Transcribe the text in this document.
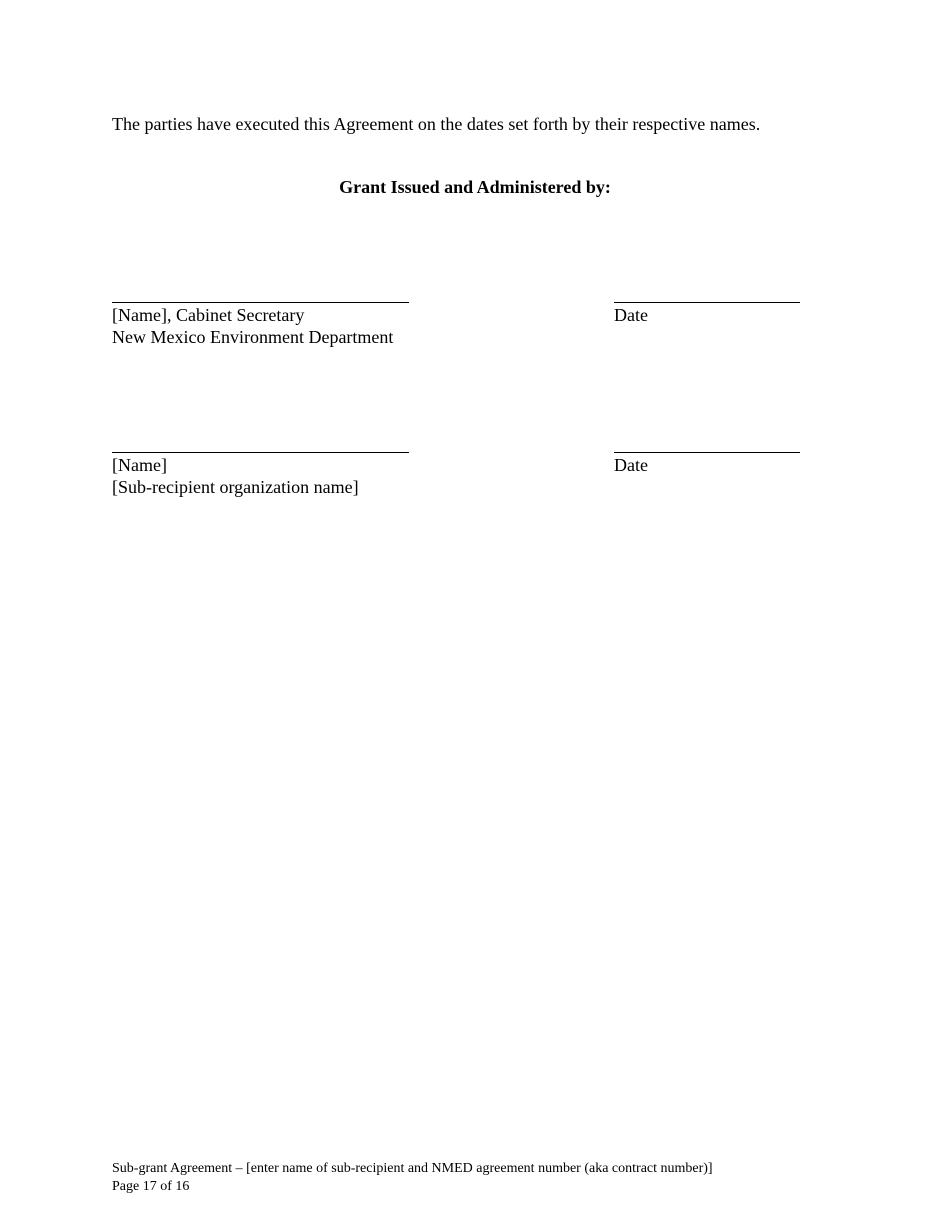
The parties have executed this Agreement on the dates set forth by their respective names.
Grant Issued and Administered by:
[Name], Cabinet Secretary	Date
New Mexico Environment Department
[Name]	Date
[Sub-recipient organization name]
Sub-grant Agreement – [enter name of sub-recipient and NMED agreement number (aka contract number)]
Page 17 of 16
